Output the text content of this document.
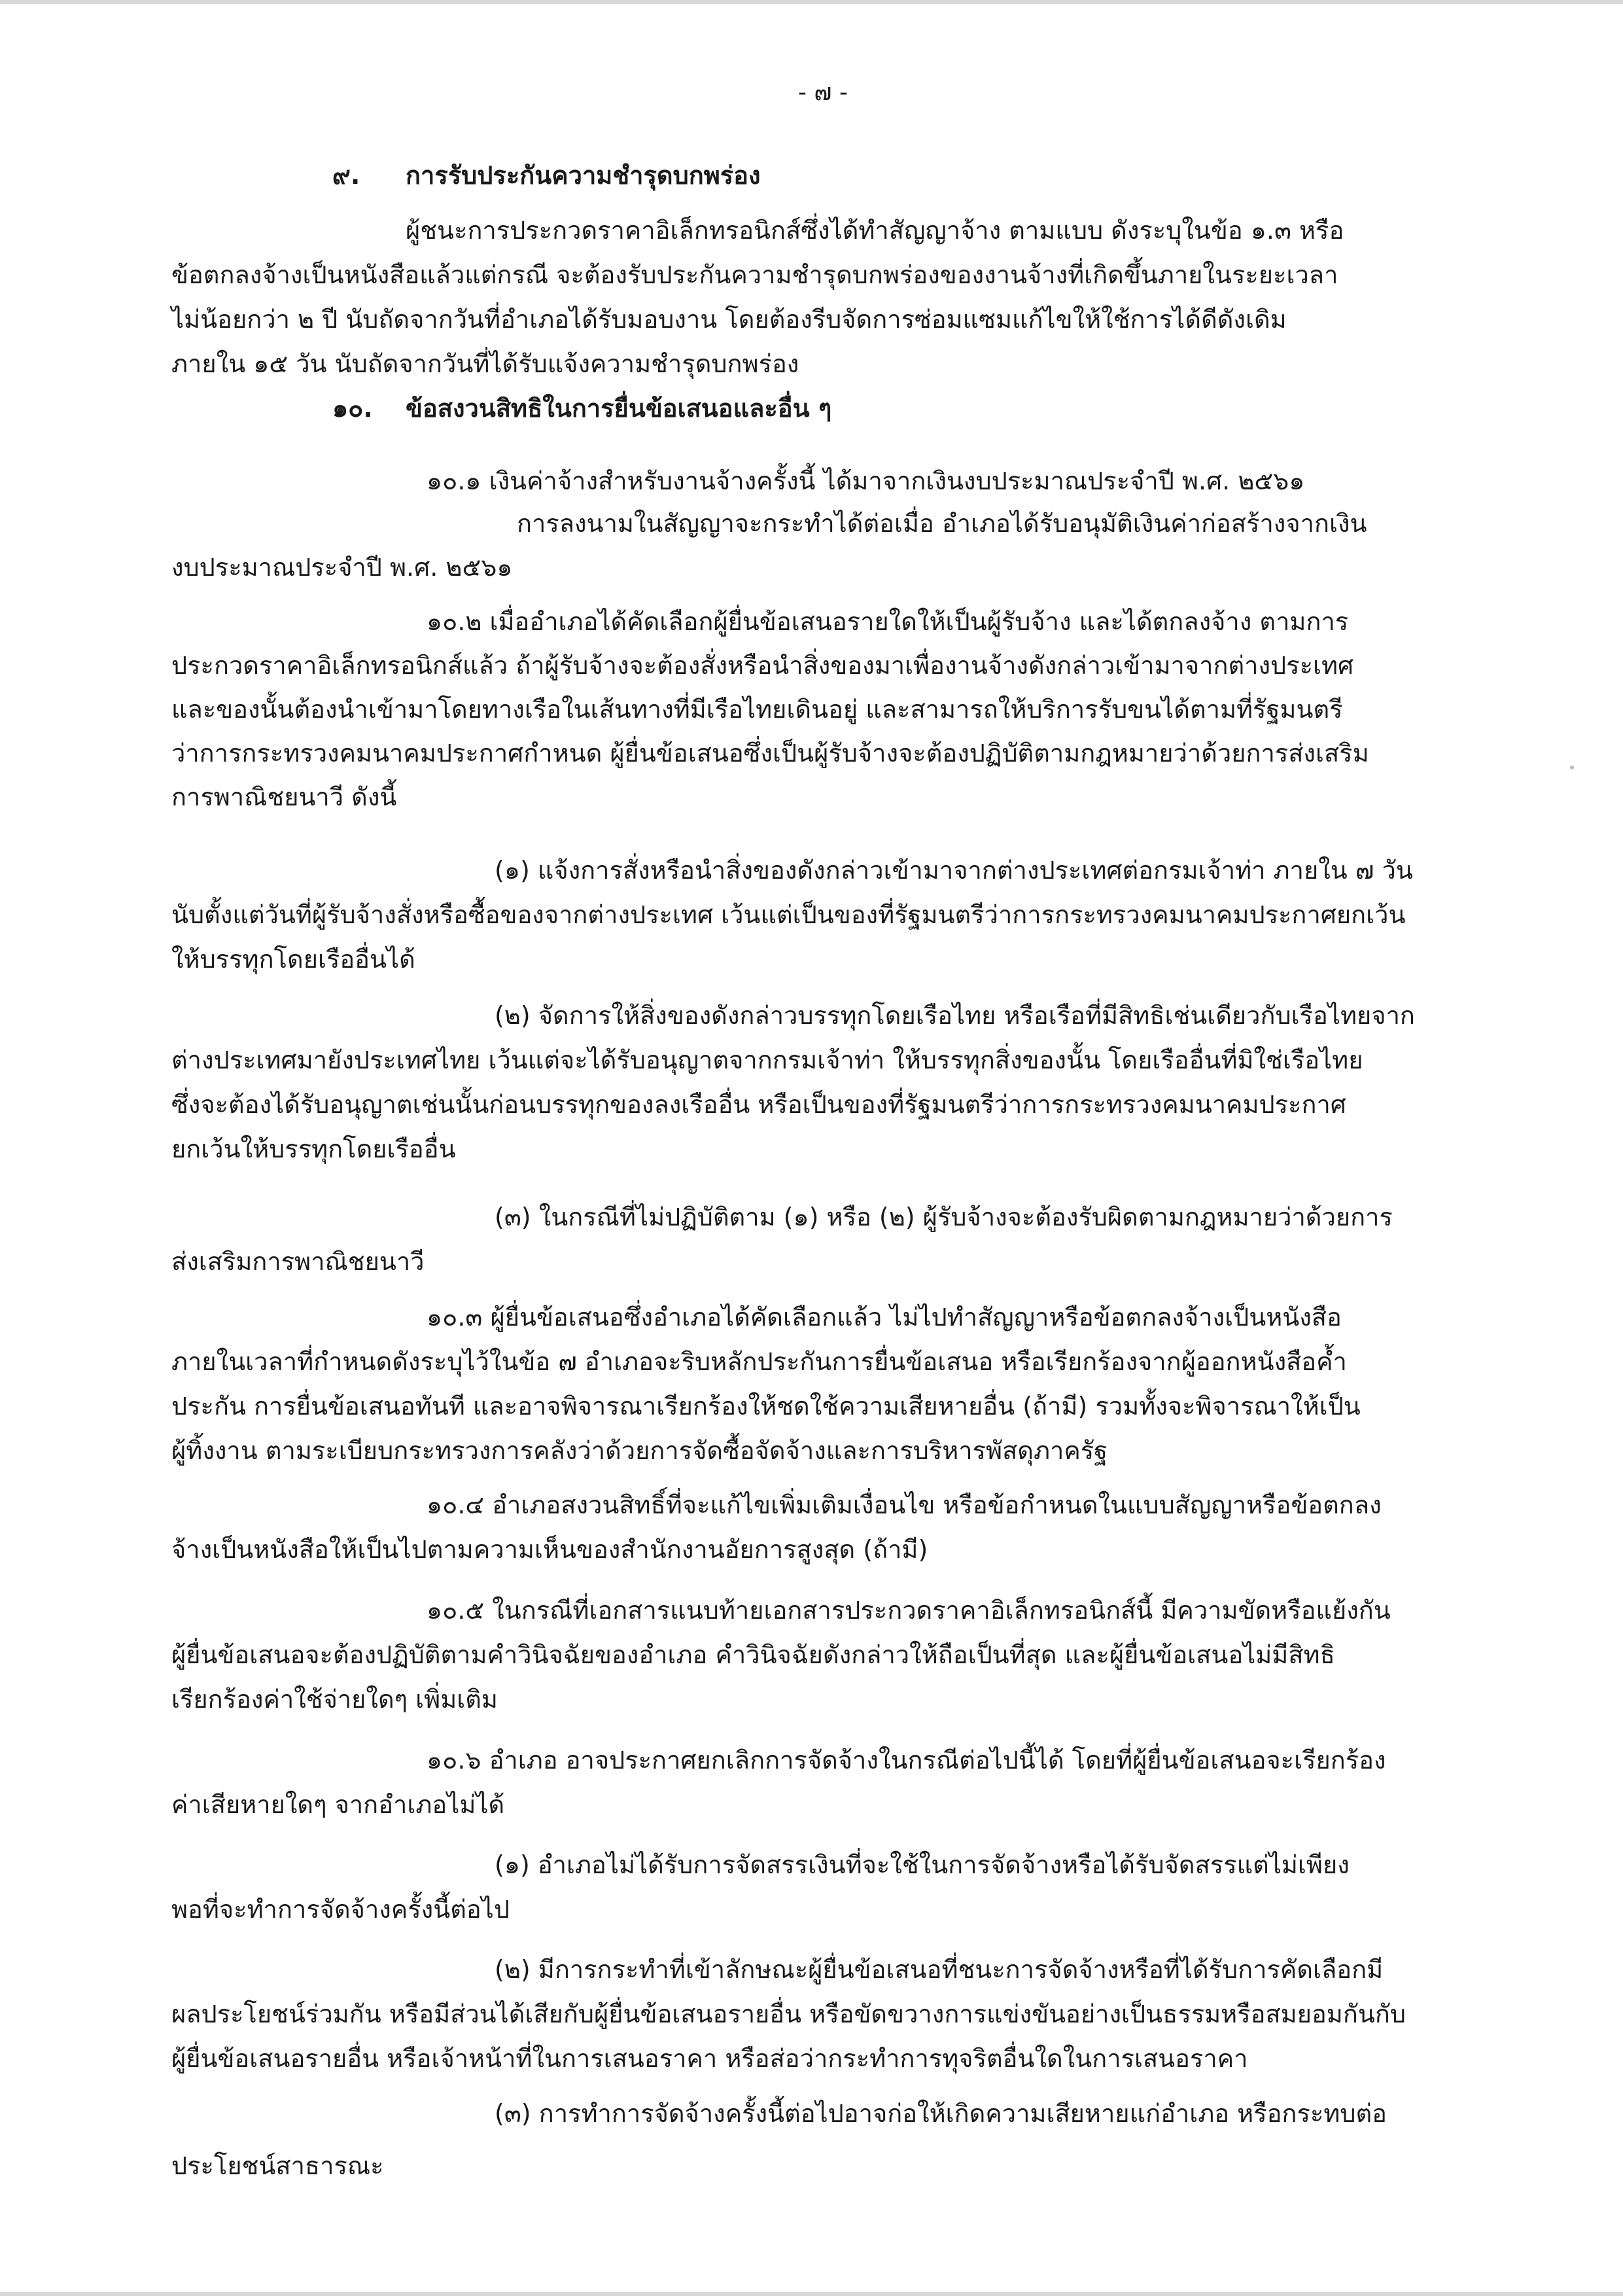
- ๗ -
๙. การรับประกันความชำรุดบกพร่อง
ผู้ชนะการประกวดราคาอิเล็กทรอนิกส์ซึ่งได้ทำสัญญาจ้าง ตามแบบ ดังระบุในข้อ ๑.๓ หรือ
ข้อตกลงจ้างเป็นหนังสือแล้วแต่กรณี จะต้องรับประกันความชำรุดบกพร่องของงานจ้างที่เกิดขึ้นภายในระยะเวลา
ไม่น้อยกว่า ๒ ปี นับถัดจากวันที่อำเภอได้รับมอบงาน โดยต้องรีบจัดการซ่อมแซมแก้ไขให้ใช้การได้ดีดังเดิม
ภายใน ๑๕ วัน นับถัดจากวันที่ได้รับแจ้งความชำรุดบกพร่อง
๑๐. ข้อสงวนสิทธิในการยื่นข้อเสนอและอื่น ๆ
๑๐.๑ เงินค่าจ้างสำหรับงานจ้างครั้งนี้ ได้มาจากเงินงบประมาณประจำปี พ.ศ. ๒๕๖๑
การลงนามในสัญญาจะกระทำได้ต่อเมื่อ อำเภอได้รับอนุมัติเงินค่าก่อสร้างจากเงิน
งบประมาณประจำปี พ.ศ. ๒๕๖๑
๑๐.๒ เมื่ออำเภอได้คัดเลือกผู้ยื่นข้อเสนอรายใดให้เป็นผู้รับจ้าง และได้ตกลงจ้าง ตามการ
ประกวดราคาอิเล็กทรอนิกส์แล้ว ถ้าผู้รับจ้างจะต้องสั่งหรือนำสิ่งของมาเพื่องานจ้างดังกล่าวเข้ามาจากต่างประเทศ
และของนั้นต้องนำเข้ามาโดยทางเรือในเส้นทางที่มีเรือไทยเดินอยู่ และสามารถให้บริการรับขนได้ตามที่รัฐมนตรี
ว่าการกระทรวงคมนาคมประกาศกำหนด ผู้ยื่นข้อเสนอซึ่งเป็นผู้รับจ้างจะต้องปฏิบัติตามกฎหมายว่าด้วยการส่งเสริม
การพาณิชยนาวี ดังนี้
(๑) แจ้งการสั่งหรือนำสิ่งของดังกล่าวเข้ามาจากต่างประเทศต่อกรมเจ้าท่า ภายใน ๗ วัน
นับตั้งแต่วันที่ผู้รับจ้างสั่งหรือซื้อของจากต่างประเทศ เว้นแต่เป็นของที่รัฐมนตรีว่าการกระทรวงคมนาคมประกาศยกเว้น
ให้บรรทุกโดยเรืออื่นได้
(๒) จัดการให้สิ่งของดังกล่าวบรรทุกโดยเรือไทย หรือเรือที่มีสิทธิเช่นเดียวกับเรือไทยจาก
ต่างประเทศมายังประเทศไทย เว้นแต่จะได้รับอนุญาตจากกรมเจ้าท่า ให้บรรทุกสิ่งของนั้น โดยเรืออื่นที่มิใช่เรือไทย
ซึ่งจะต้องได้รับอนุญาตเช่นนั้นก่อนบรรทุกของลงเรืออื่น หรือเป็นของที่รัฐมนตรีว่าการกระทรวงคมนาคมประกาศ
ยกเว้นให้บรรทุกโดยเรืออื่น
(๓) ในกรณีที่ไม่ปฏิบัติตาม (๑) หรือ (๒) ผู้รับจ้างจะต้องรับผิดตามกฎหมายว่าด้วยการ
ส่งเสริมการพาณิชยนาวี
๑๐.๓ ผู้ยื่นข้อเสนอซึ่งอำเภอได้คัดเลือกแล้ว ไม่ไปทำสัญญาหรือข้อตกลงจ้างเป็นหนังสือ
ภายในเวลาที่กำหนดดังระบุไว้ในข้อ ๗ อำเภอจะริบหลักประกันการยื่นข้อเสนอ หรือเรียกร้องจากผู้ออกหนังสือค้ำ
ประกัน การยื่นข้อเสนอทันที และอาจพิจารณาเรียกร้องให้ชดใช้ความเสียหายอื่น (ถ้ามี) รวมทั้งจะพิจารณาให้เป็น
ผู้ทิ้งงาน ตามระเบียบกระทรวงการคลังว่าด้วยการจัดซื้อจัดจ้างและการบริหารพัสดุภาครัฐ
๑๐.๔ อำเภอสงวนสิทธิ์ที่จะแก้ไขเพิ่มเติมเงื่อนไข หรือข้อกำหนดในแบบสัญญาหรือข้อตกลง
จ้างเป็นหนังสือให้เป็นไปตามความเห็นของสำนักงานอัยการสูงสุด (ถ้ามี)
๑๐.๕ ในกรณีที่เอกสารแนบท้ายเอกสารประกวดราคาอิเล็กทรอนิกส์นี้ มีความขัดหรือแย้งกัน
ผู้ยื่นข้อเสนอจะต้องปฏิบัติตามคำวินิจฉัยของอำเภอ คำวินิจฉัยดังกล่าวให้ถือเป็นที่สุด และผู้ยื่นข้อเสนอไม่มีสิทธิ
เรียกร้องค่าใช้จ่ายใดๆ เพิ่มเติม
๑๐.๖ อำเภอ อาจประกาศยกเลิกการจัดจ้างในกรณีต่อไปนี้ได้ โดยที่ผู้ยื่นข้อเสนอจะเรียกร้อง
ค่าเสียหายใดๆ จากอำเภอไม่ได้
(๑) อำเภอไม่ได้รับการจัดสรรเงินที่จะใช้ในการจัดจ้างหรือได้รับจัดสรรแต่ไม่เพียง
พอที่จะทำการจัดจ้างครั้งนี้ต่อไป
(๒) มีการกระทำที่เข้าลักษณะผู้ยื่นข้อเสนอที่ชนะการจัดจ้างหรือที่ได้รับการคัดเลือกมี
ผลประโยชน์ร่วมกัน หรือมีส่วนได้เสียกับผู้ยื่นข้อเสนอรายอื่น หรือขัดขวางการแข่งขันอย่างเป็นธรรมหรือสมยอมกันกับ
ผู้ยื่นข้อเสนอรายอื่น หรือเจ้าหน้าที่ในการเสนอราคา หรือส่อว่ากระทำการทุจริตอื่นใดในการเสนอราคา
(๓) การทำการจัดจ้างครั้งนี้ต่อไปอาจก่อให้เกิดความเสียหายแก่อำเภอ หรือกระทบต่อ
ประโยชน์สาธารณะ
